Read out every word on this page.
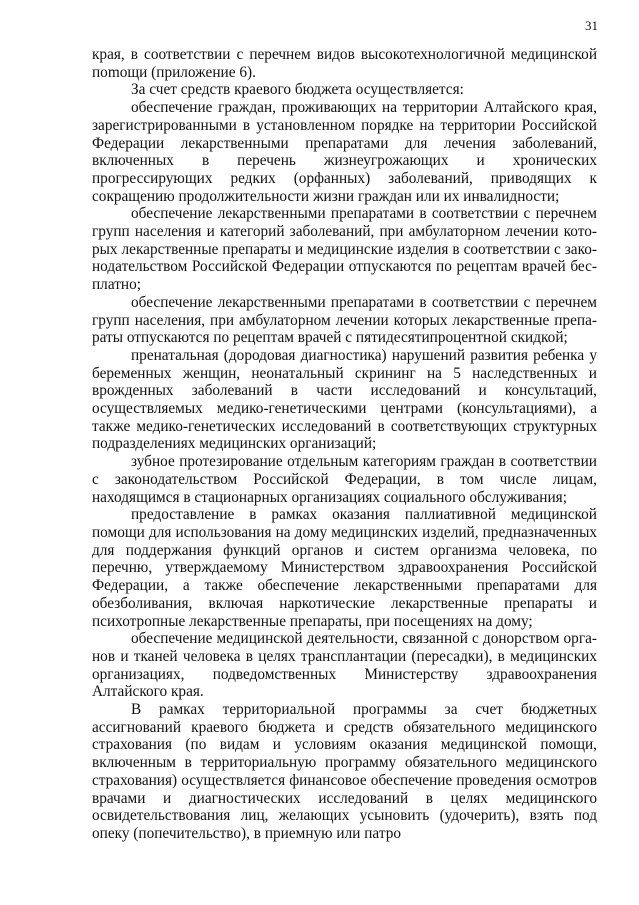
31

края, в соответствии с перечнем видов высокотехнологичной медицинской поmощи (приложение 6).

За счет средств краевого бюджета осуществляется:

обеспечение граждан, проживающих на территории Алтайского края, зарегистрированными в установленном порядке на территории Российской Федерации лекарственными препаратами для лечения заболеваний, включенных в перечень жизнеугрожающих и хронических прогрессирующих редких (орфанных) заболеваний, приводящих к сокращению продолжительности жизни граждан или их инвалидности;

обеспечение лекарственными препаратами в соответствии с перечнем групп населения и категорий заболеваний, при амбулаторном лечении которых лекарственные препараты и медицинские изделия в соответствии с законодательством Российской Федерации отпускаются по рецептам врачей бесплатно;

обеспечение лекарственными препаратами в соответствии с перечнем групп населения, при амбулаторном лечении которых лекарственные препараты отпускаются по рецептам врачей с пятидесятипроцентной скидкой;

пренатальная (дородовая диагностика) нарушений развития ребенка у беременных женщин, неонатальный скрининг на 5 наследственных и врожденных заболеваний в части исследований и консультаций, осуществляемых медико-генетическими центрами (консультациями), а также медико-генетических исследований в соответствующих структурных подразделениях медицинских организаций;

зубное протезирование отдельным категориям граждан в соответствии с законодательством Российской Федерации, в том числе лицам, находящимся в стационарных организациях социального обслуживания;

предоставление в рамках оказания паллиативной медицинской помощи для использования на дому медицинских изделий, предназначенных для поддержания функций органов и систем организма человека, по перечню, утверждаемому Министерством здравоохранения Российской Федерации, а также обеспечение лекарственными препаратами для обезболивания, включая наркотические лекарственные препараты и психотропные лекарственные препараты, при посещениях на дому;

обеспечение медицинской деятельности, связанной с донорством органов и тканей человека в целях трансплантации (пересадки), в медицинских организациях, подведомственных Министерству здравоохранения Алтайского края.

В рамках территориальной программы за счет бюджетных ассигнований краевого бюджета и средств обязательного медицинского страхования (по видам и условиям оказания медицинской помощи, включенным в территориальную программу обязательного медицинского страхования) осуществляется финансовое обеспечение проведения осмотров врачами и диагностических исследований в целях медицинского освидетельствования лиц, желающих усыновить (удочерить), взять под опеку (попечительство), в приемную или патро
